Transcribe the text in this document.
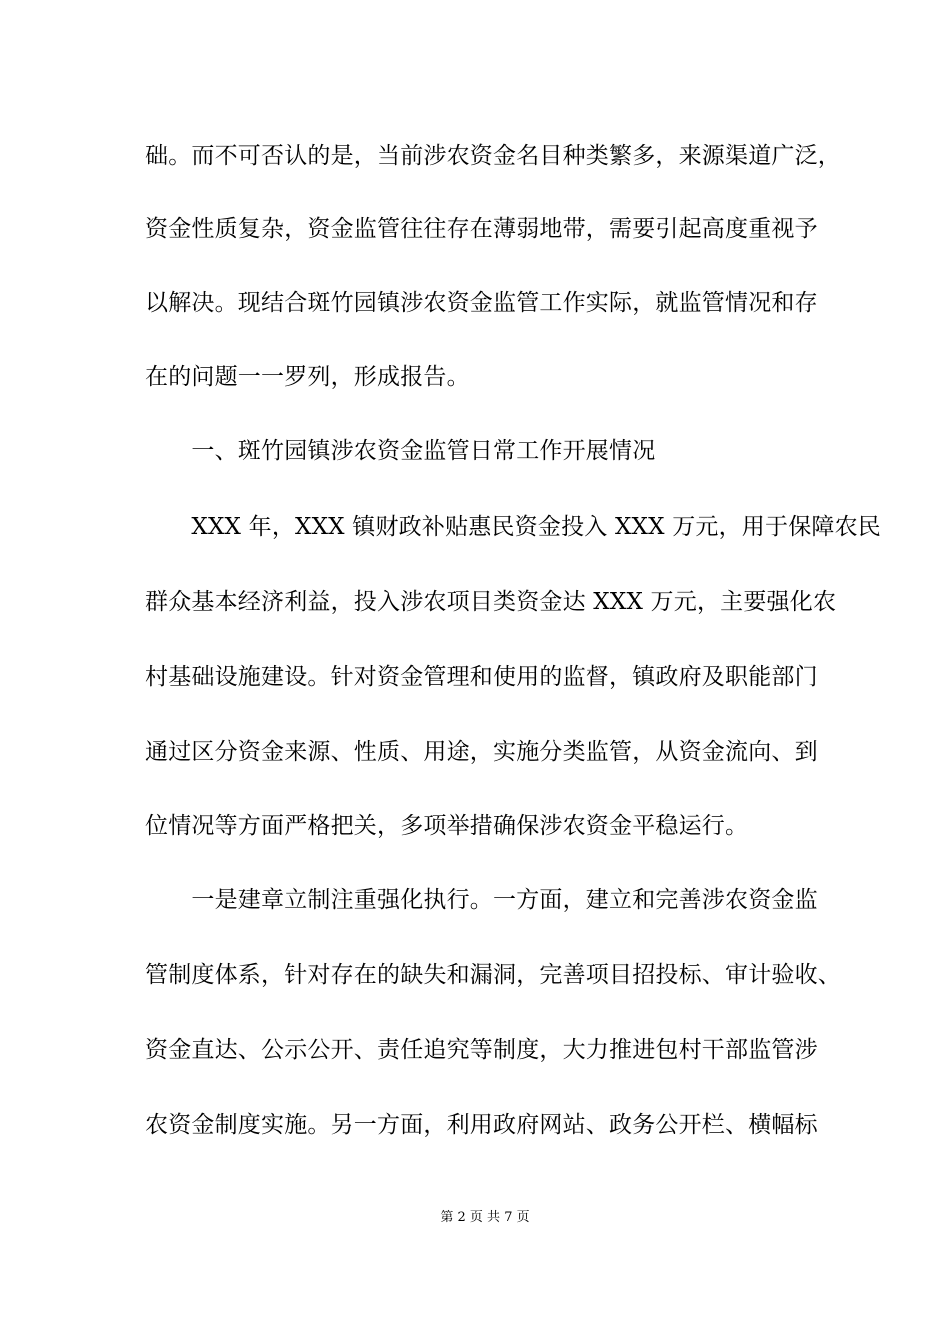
础。而不可否认的是，当前涉农资金名目种类繁多，来源渠道广泛，
资金性质复杂，资金监管往往存在薄弱地带，需要引起高度重视予
以解决。现结合斑竹园镇涉农资金监管工作实际，就监管情况和存
在的问题一一罗列，形成报告。
　　一、斑竹园镇涉农资金监管日常工作开展情况
　　XXX 年，XXX 镇财政补贴惠民资金投入 XXX 万元，用于保障农民
群众基本经济利益，投入涉农项目类资金达 XXX 万元，主要强化农
村基础设施建设。针对资金管理和使用的监督，镇政府及职能部门
通过区分资金来源、性质、用途，实施分类监管，从资金流向、到
位情况等方面严格把关，多项举措确保涉农资金平稳运行。
　　一是建章立制注重强化执行。一方面，建立和完善涉农资金监
管制度体系，针对存在的缺失和漏洞，完善项目招投标、审计验收、
资金直达、公示公开、责任追究等制度，大力推进包村干部监管涉
农资金制度实施。另一方面，利用政府网站、政务公开栏、横幅标
第 2 页 共 7 页
